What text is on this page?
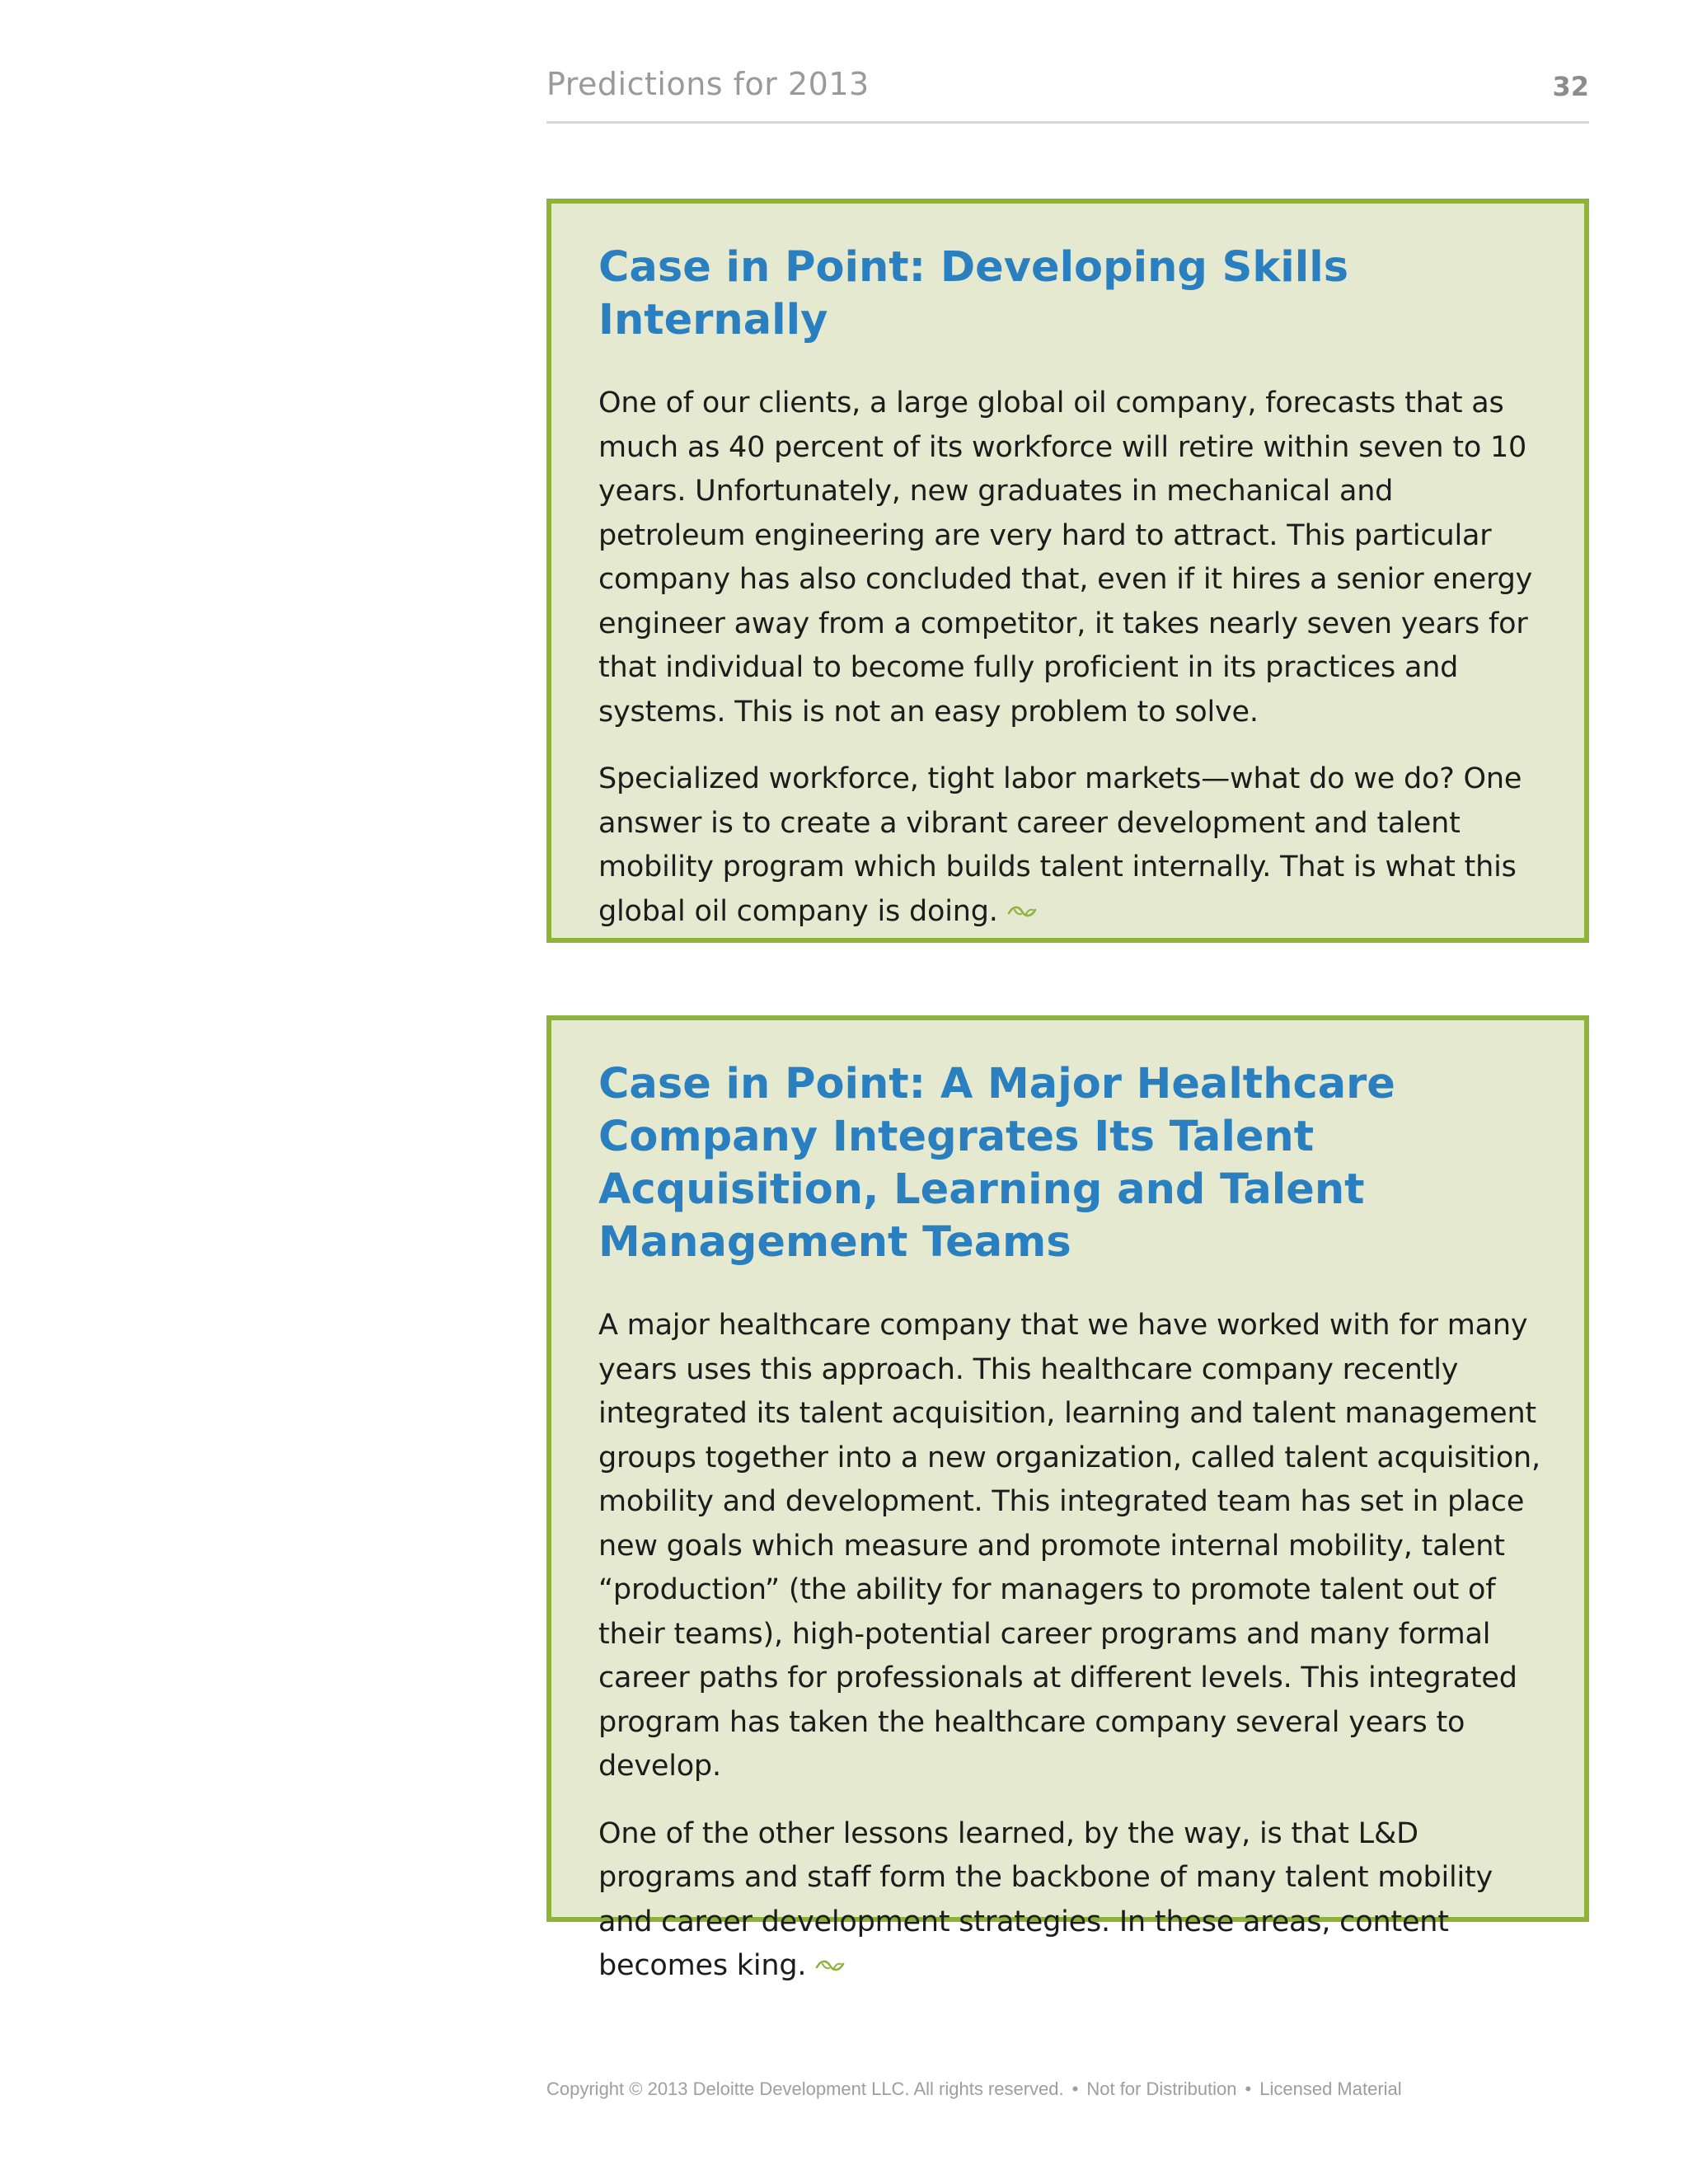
Predictions for 2013	32
Case in Point: Developing Skills Internally

One of our clients, a large global oil company, forecasts that as much as 40 percent of its workforce will retire within seven to 10 years. Unfortunately, new graduates in mechanical and petroleum engineering are very hard to attract. This particular company has also concluded that, even if it hires a senior energy engineer away from a competitor, it takes nearly seven years for that individual to become fully proficient in its practices and systems. This is not an easy problem to solve.

Specialized workforce, tight labor markets—what do we do? One answer is to create a vibrant career development and talent mobility program which builds talent internally. That is what this global oil company is doing.

Case in Point: A Major Healthcare Company Integrates Its Talent Acquisition, Learning and Talent Management Teams

A major healthcare company that we have worked with for many years uses this approach. This healthcare company recently integrated its talent acquisition, learning and talent management groups together into a new organization, called talent acquisition, mobility and development. This integrated team has set in place new goals which measure and promote internal mobility, talent “production” (the ability for managers to promote talent out of their teams), high-potential career programs and many formal career paths for professionals at different levels. This integrated program has taken the healthcare company several years to develop.

One of the other lessons learned, by the way, is that L&D programs and staff form the backbone of many talent mobility and career development strategies. In these areas, content becomes king.

Copyright © 2013 Deloitte Development LLC. All rights reserved. • Not for Distribution • Licensed Material
